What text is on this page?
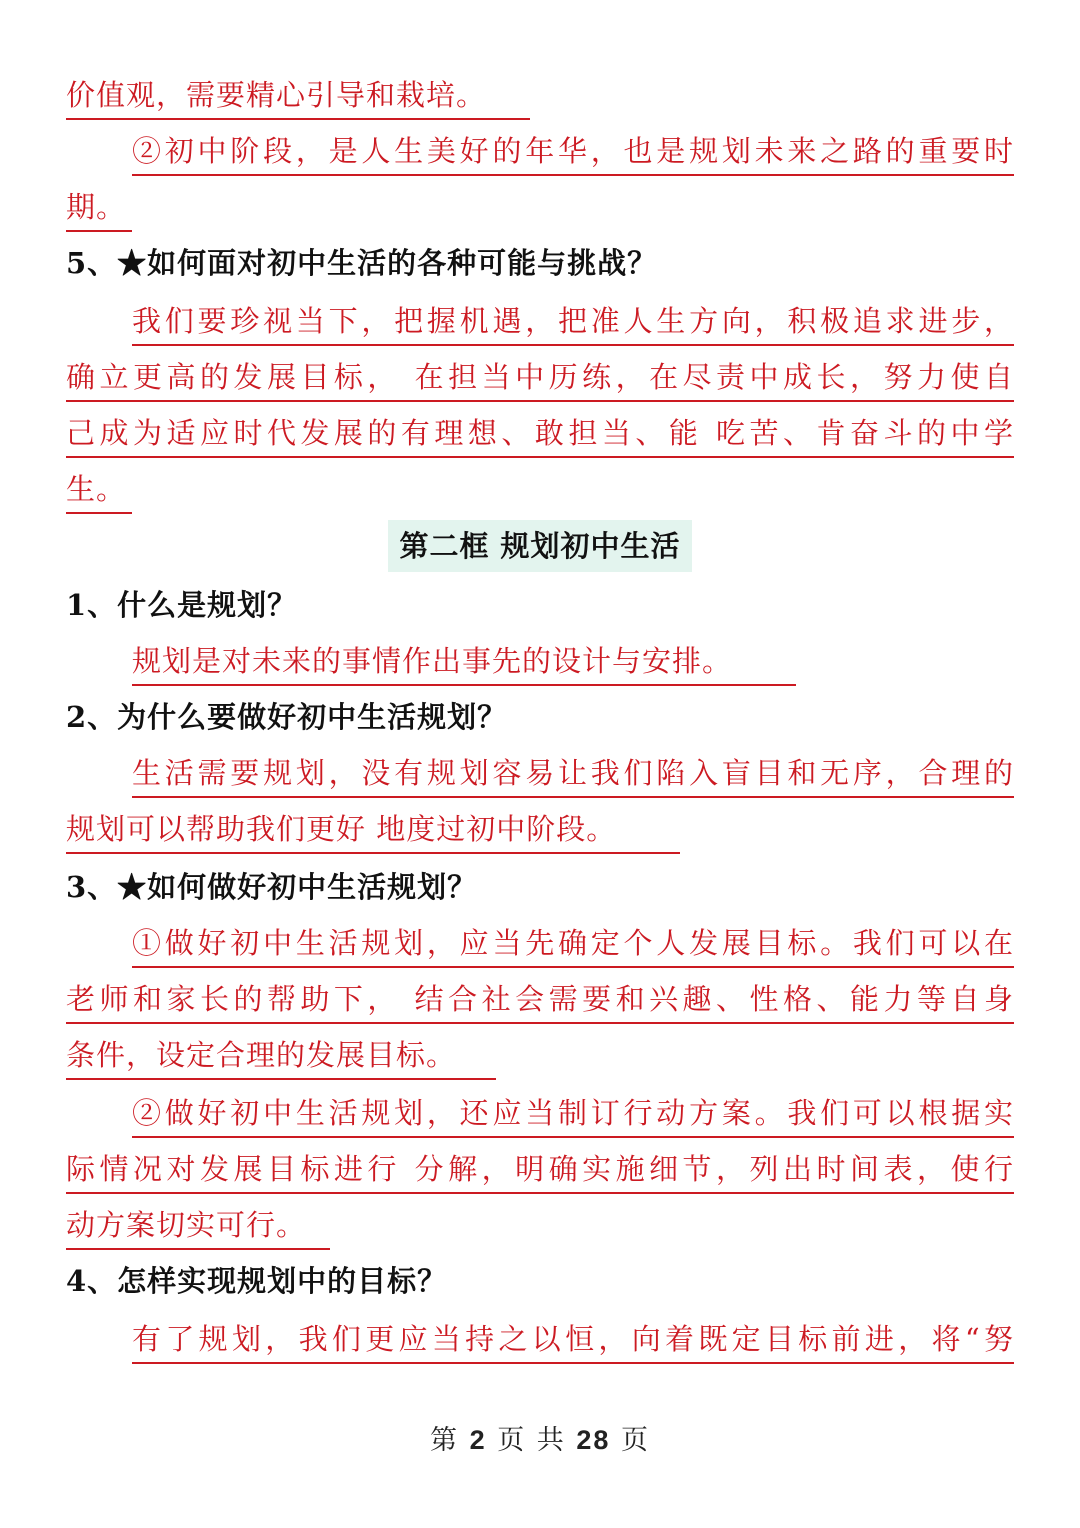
价值观，需要精心引导和栽培。
②初中阶段，是人生美好的年华，也是规划未来之路的重要时
期。
5、★如何面对初中生活的各种可能与挑战？
我们要珍视当下，把握机遇，把准人生方向，积极追求进步，
确立更高的发展目标， 在担当中历练，在尽责中成长，努力使自
己成为适应时代发展的有理想、敢担当、能 吃苦、肯奋斗的中学
生。
第二框 规划初中生活
1、什么是规划？
规划是对未来的事情作出事先的设计与安排。
2、为什么要做好初中生活规划？
生活需要规划，没有规划容易让我们陷入盲目和无序，合理的
规划可以帮助我们更好 地度过初中阶段。
3、★如何做好初中生活规划？
①做好初中生活规划，应当先确定个人发展目标。我们可以在
老师和家长的帮助下， 结合社会需要和兴趣、性格、能力等自身
条件，设定合理的发展目标。
②做好初中生活规划，还应当制订行动方案。我们可以根据实
际情况对发展目标进行 分解，明确实施细节，列出时间表，使行
动方案切实可行。
4、怎样实现规划中的目标？
有了规划，我们更应当持之以恒，向着既定目标前进，将“努
第 2 页 共 28 页
